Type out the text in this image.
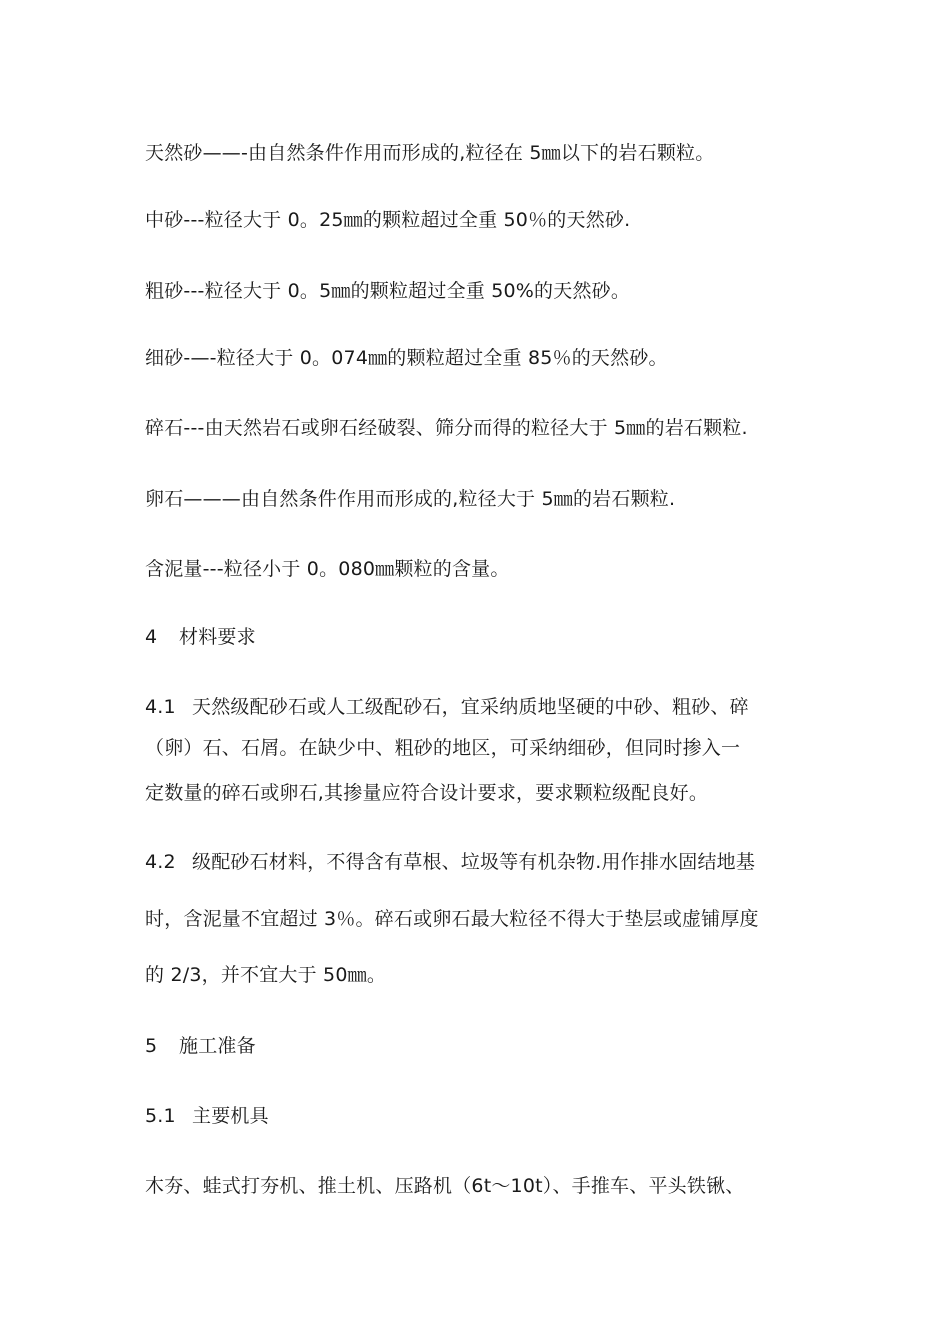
天然砂——-由自然条件作用而形成的,粒径在 5㎜以下的岩石颗粒。
中砂---粒径大于 0。25㎜的颗粒超过全重 50％的天然砂.
粗砂---粒径大于 0。5㎜的颗粒超过全重 50%的天然砂。
细砂-—-粒径大于 0。074㎜的颗粒超过全重 85％的天然砂。
碎石---由天然岩石或卵石经破裂、筛分而得的粒径大于 5㎜的岩石颗粒.
卵石———由自然条件作用而形成的,粒径大于 5㎜的岩石颗粒.
含泥量---粒径小于 0。080㎜颗粒的含量。
4 材料要求
4.1 天然级配砂石或人工级配砂石，宜采纳质地坚硬的中砂、粗砂、碎
（卵）石、石屑。在缺少中、粗砂的地区，可采纳细砂，但同时掺入一
定数量的碎石或卵石,其掺量应符合设计要求，要求颗粒级配良好。
4.2 级配砂石材料，不得含有草根、垃圾等有机杂物.用作排水固结地基
时，含泥量不宜超过 3％。碎石或卵石最大粒径不得大于垫层或虚铺厚度
的 2/3，并不宜大于 50㎜。
5 施工准备
5.1 主要机具
木夯、蛙式打夯机、推土机、压路机（6t～10t）、手推车、平头铁锹、
